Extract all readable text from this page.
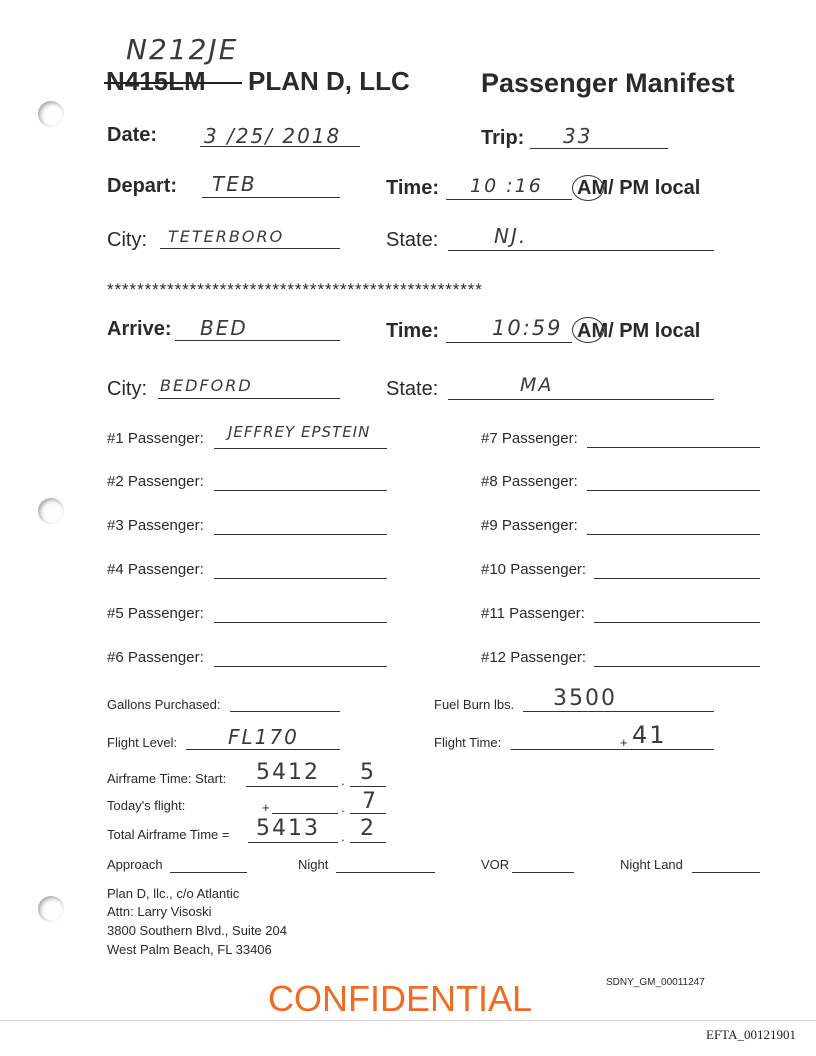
N212JE
N415LM PLAN D, LLC	Passenger Manifest
Date: 3 /25/ 2018	Trip: 33
Depart: TEB	Time: 10 :16 AM/ PM local
City: TETERBORO	State:	NJ.
**************************************************
Arrive: BED	Time:	10:59 AM/ PM local
City: BEDFORD	State:	MA
#1 Passenger: JEFFREY EPSTEIN
#2 Passenger:
#3 Passenger:
#4 Passenger:
#5 Passenger:
#6 Passenger:
#7 Passenger:
#8 Passenger:
#9 Passenger:
#10 Passenger:
#11 Passenger:
#12 Passenger:
Gallons Purchased:	Fuel Burn lbs. 3500
Flight Level:	FL170	Flight Time:	+ 41
Airframe Time: Start: 5412 . 5
Today's flight:	+	. 7
Total Airframe Time = 5413 . 2
Approach	Night	VOR	Night Land
Plan D, llc., c/o Atlantic
Attn: Larry Visoski
3800 Southern Blvd., Suite 204
West Palm Beach, FL 33406
SDNY_GM_00011247
CONFIDENTIAL
EFTA_00121901
